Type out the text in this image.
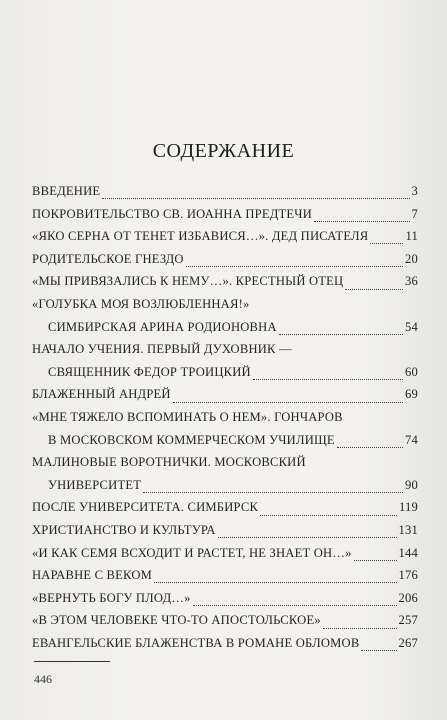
СОДЕРЖАНИЕ
ВВЕДЕНИЕ	3
ПОКРОВИТЕЛЬСТВО СВ. ИОАННА ПРЕДТЕЧИ	7
«ЯКО СЕРНА ОТ ТЕНЕТ ИЗБАВИСЯ…». ДЕД ПИСАТЕЛЯ	11
РОДИТЕЛЬСКОЕ ГНЕЗДО	20
«МЫ ПРИВЯЗАЛИСЬ К НЕМУ…». КРЕСТНЫЙ ОТЕЦ	36
«ГОЛУБКА МОЯ ВОЗЛЮБЛЕННАЯ!»
СИМБИРСКАЯ АРИНА РОДИОНОВНА	54
НАЧАЛО УЧЕНИЯ. ПЕРВЫЙ ДУХОВНИК —
СВЯЩЕННИК ФЕДОР ТРОИЦКИЙ	60
БЛАЖЕННЫЙ АНДРЕЙ	69
«МНЕ ТЯЖЕЛО ВСПОМИНАТЬ О НЕМ». ГОНЧАРОВ
В МОСКОВСКОМ КОММЕРЧЕСКОМ УЧИЛИЩЕ	74
МАЛИНОВЫЕ ВОРОТНИЧКИ. МОСКОВСКИЙ
УНИВЕРСИТЕТ	90
ПОСЛЕ УНИВЕРСИТЕТА. СИМБИРСК	119
ХРИСТИАНСТВО И КУЛЬТУРА	131
«И КАК СЕМЯ ВСХОДИТ И РАСТЕТ, НЕ ЗНАЕТ ОН…»	144
НАРАВНЕ С ВЕКОМ	176
«ВЕРНУТЬ БОГУ ПЛОД…»	206
«В ЭТОМ ЧЕЛОВЕКЕ ЧТО-ТО АПОСТОЛЬСКОЕ»	257
ЕВАНГЕЛЬСКИЕ БЛАЖЕНСТВА В РОМАНЕ ОБЛОМОВ	267
446
